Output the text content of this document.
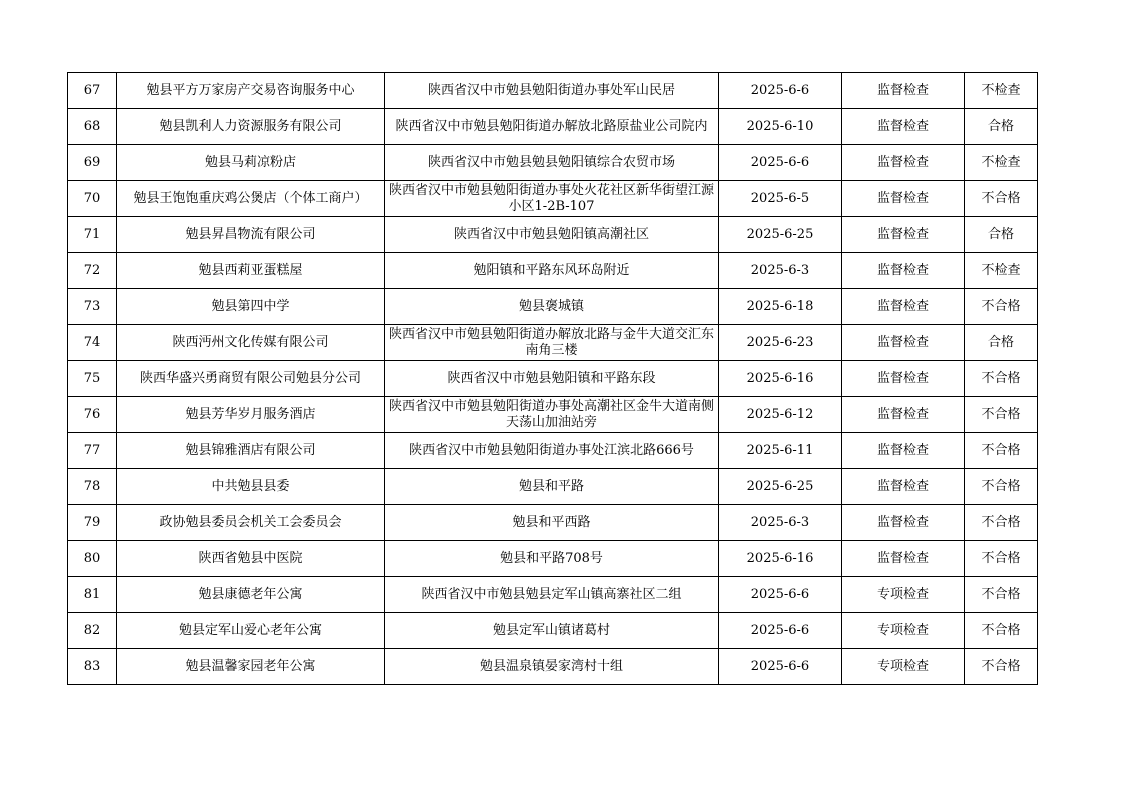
67	勉县平方万家房产交易咨询服务中心	陕西省汉中市勉县勉阳街道办事处军山民居	2025-6-6	监督检查	不检查
68	勉县凯利人力资源服务有限公司	陕西省汉中市勉县勉阳街道办解放北路原盐业公司院内	2025-6-10	监督检查	合格
69	勉县马莉凉粉店	陕西省汉中市勉县勉县勉阳镇综合农贸市场	2025-6-6	监督检查	不检查
70	勉县王饱饱重庆鸡公煲店（个体工商户）	陕西省汉中市勉县勉阳街道办事处火花社区新华街望江源小区1-2B-107	2025-6-5	监督检查	不合格
71	勉县昇昌物流有限公司	陕西省汉中市勉县勉阳镇高潮社区	2025-6-25	监督检查	合格
72	勉县西莉亚蛋糕屋	勉阳镇和平路东风环岛附近	2025-6-3	监督检查	不检查
73	勉县第四中学	勉县褒城镇	2025-6-18	监督检查	不合格
74	陕西沔州文化传媒有限公司	陕西省汉中市勉县勉阳街道办解放北路与金牛大道交汇东南角三楼	2025-6-23	监督检查	合格
75	陕西华盛兴勇商贸有限公司勉县分公司	陕西省汉中市勉县勉阳镇和平路东段	2025-6-16	监督检查	不合格
76	勉县芳华岁月服务酒店	陕西省汉中市勉县勉阳街道办事处高潮社区金牛大道南侧天荡山加油站旁	2025-6-12	监督检查	不合格
77	勉县锦雅酒店有限公司	陕西省汉中市勉县勉阳街道办事处江滨北路666号	2025-6-11	监督检查	不合格
78	中共勉县县委	勉县和平路	2025-6-25	监督检查	不合格
79	政协勉县委员会机关工会委员会	勉县和平西路	2025-6-3	监督检查	不合格
80	陕西省勉县中医院	勉县和平路708号	2025-6-16	监督检查	不合格
81	勉县康德老年公寓	陕西省汉中市勉县勉县定军山镇高寨社区二组	2025-6-6	专项检查	不合格
82	勉县定军山爱心老年公寓	勉县定军山镇诸葛村	2025-6-6	专项检查	不合格
83	勉县温馨家园老年公寓	勉县温泉镇晏家湾村十组	2025-6-6	专项检查	不合格
